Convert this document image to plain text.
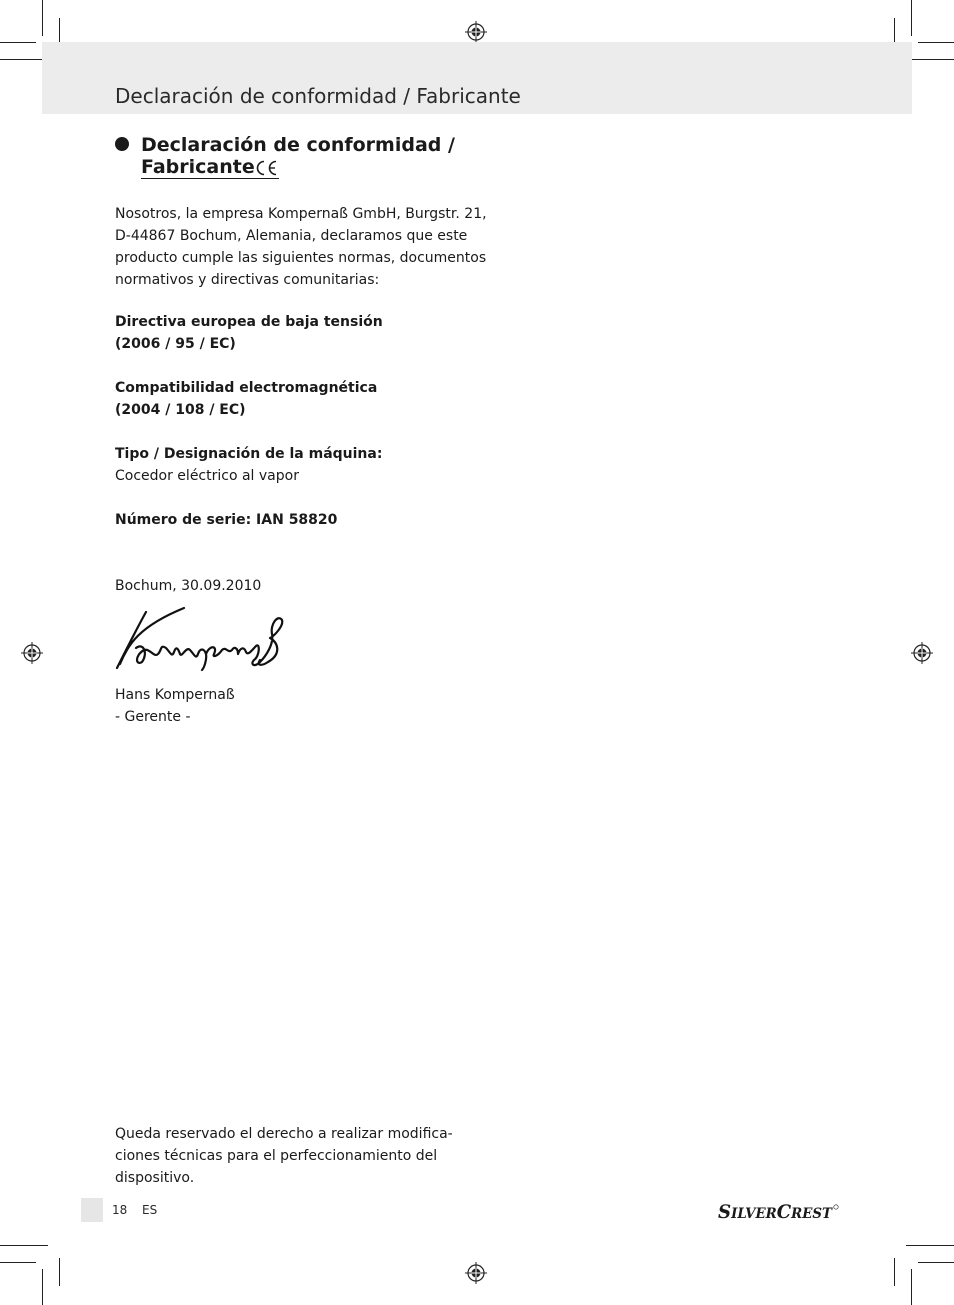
Declaración de conformidad / Fabricante
Declaración de conformidad /
Fabricante
Nosotros, la empresa Kompernaß GmbH, Burgstr. 21,
D-44867 Bochum, Alemania, declaramos que este
producto cumple las siguientes normas, documentos
normativos y directivas comunitarias:
Directiva europea de baja tensión
(2006 / 95 / EC)
Compatibilidad electromagnética
(2004 / 108 / EC)
Tipo / Designación de la máquina:
Cocedor eléctrico al vapor
Número de serie: IAN 58820
Bochum, 30.09.2010
Hans Kompernaß
- Gerente -
Queda reservado el derecho a realizar modifica-
ciones técnicas para el perfeccionamiento del
dispositivo.
18 ES	SILVERCREST
